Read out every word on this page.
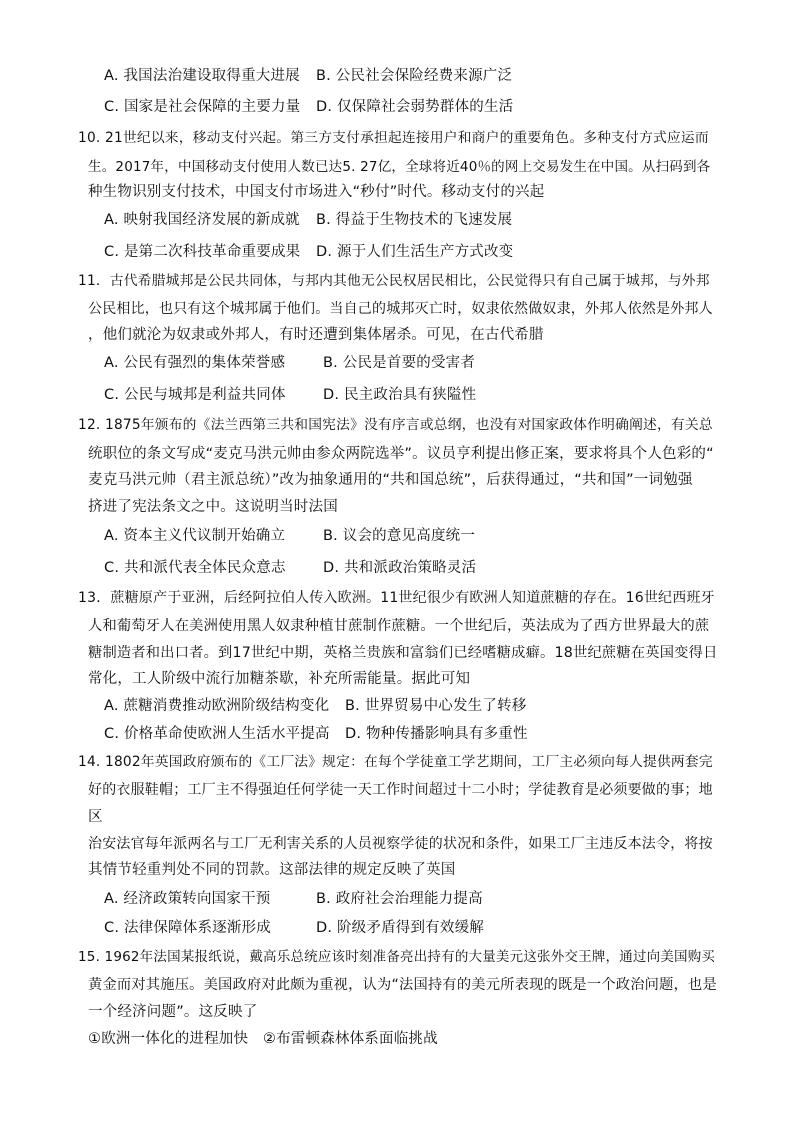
A. 我国法治建设取得重大进展 B. 公民社会保险经费来源广泛
C. 国家是社会保障的主要力量 D. 仅保障社会弱势群体的生活
10. 21世纪以来，移动支付兴起。第三方支付承担起连接用户和商户的重要角色。多种支付方式应运而
生。2017年，中国移动支付使用人数已达5. 27亿，全球将近40％的网上交易发生在中国。从扫码到各
种生物识别支付技术，中国支付市场进入“秒付”时代。移动支付的兴起
A. 映射我国经济发展的新成就 B. 得益于生物技术的飞速发展
C. 是第二次科技革命重要成果 D. 源于人们生活生产方式改变
11．古代希腊城邦是公民共同体，与邦内其他无公民权居民相比，公民觉得只有自己属于城邦，与外邦
公民相比，也只有这个城邦属于他们。当自己的城邦灭亡时，奴隶依然做奴隶，外邦人依然是外邦人
，他们就沦为奴隶或外邦人，有时还遭到集体屠杀。可见，在古代希腊
A. 公民有强烈的集体荣誉感	B. 公民是首要的受害者
C. 公民与城邦是利益共同体	D. 民主政治具有狭隘性
12. 1875年颁布的《法兰西第三共和国宪法》没有序言或总纲，也没有对国家政体作明确阐述，有关总
统职位的条文写成“麦克马洪元帅由参众两院选举”。议员亨利提出修正案，要求将具个人色彩的“
麦克马洪元帅（君主派总统）”改为抽象通用的“共和国总统”，后获得通过，“共和国”一词勉强
挤进了宪法条文之中。这说明当时法国
A. 资本主义代议制开始确立	B. 议会的意见高度统一
C. 共和派代表全体民众意志	D. 共和派政治策略灵活
13．蔗糖原产于亚洲，后经阿拉伯人传入欧洲。11世纪很少有欧洲人知道蔗糖的存在。16世纪西班牙
人和葡萄牙人在美洲使用黑人奴隶种植甘蔗制作蔗糖。一个世纪后，英法成为了西方世界最大的蔗
糖制造者和出口者。到17世纪中期，英格兰贵族和富翁们已经嗜糖成癖。18世纪蔗糖在英国变得日
常化，工人阶级中流行加糖茶歇，补充所需能量。据此可知
A. 蔗糖消费推动欧洲阶级结构变化 B. 世界贸易中心发生了转移
C. 价格革命使欧洲人生活水平提高 D. 物种传播影响具有多重性
14. 1802年英国政府颁布的《工厂法》规定：在每个学徒童工学艺期间，工厂主必须向每人提供两套完
好的衣服鞋帽；工厂主不得强迫任何学徒一天工作时间超过十二小时；学徒教育是必须要做的事；地
区
治安法官每年派两名与工厂无利害关系的人员视察学徒的状况和条件，如果工厂主违反本法令，将按
其情节轻重判处不同的罚款。这部法律的规定反映了英国
A. 经济政策转向国家干预	B. 政府社会治理能力提高
C. 法律保障体系逐渐形成	D. 阶级矛盾得到有效缓解
15. 1962年法国某报纸说，戴高乐总统应该时刻准备亮出持有的大量美元这张外交王牌，通过向美国购买
黄金而对其施压。美国政府对此颇为重视，认为“法国持有的美元所表现的既是一个政治问题，也是
一个经济问题”。这反映了
①欧洲一体化的进程加快　②布雷顿森林体系面临挑战
